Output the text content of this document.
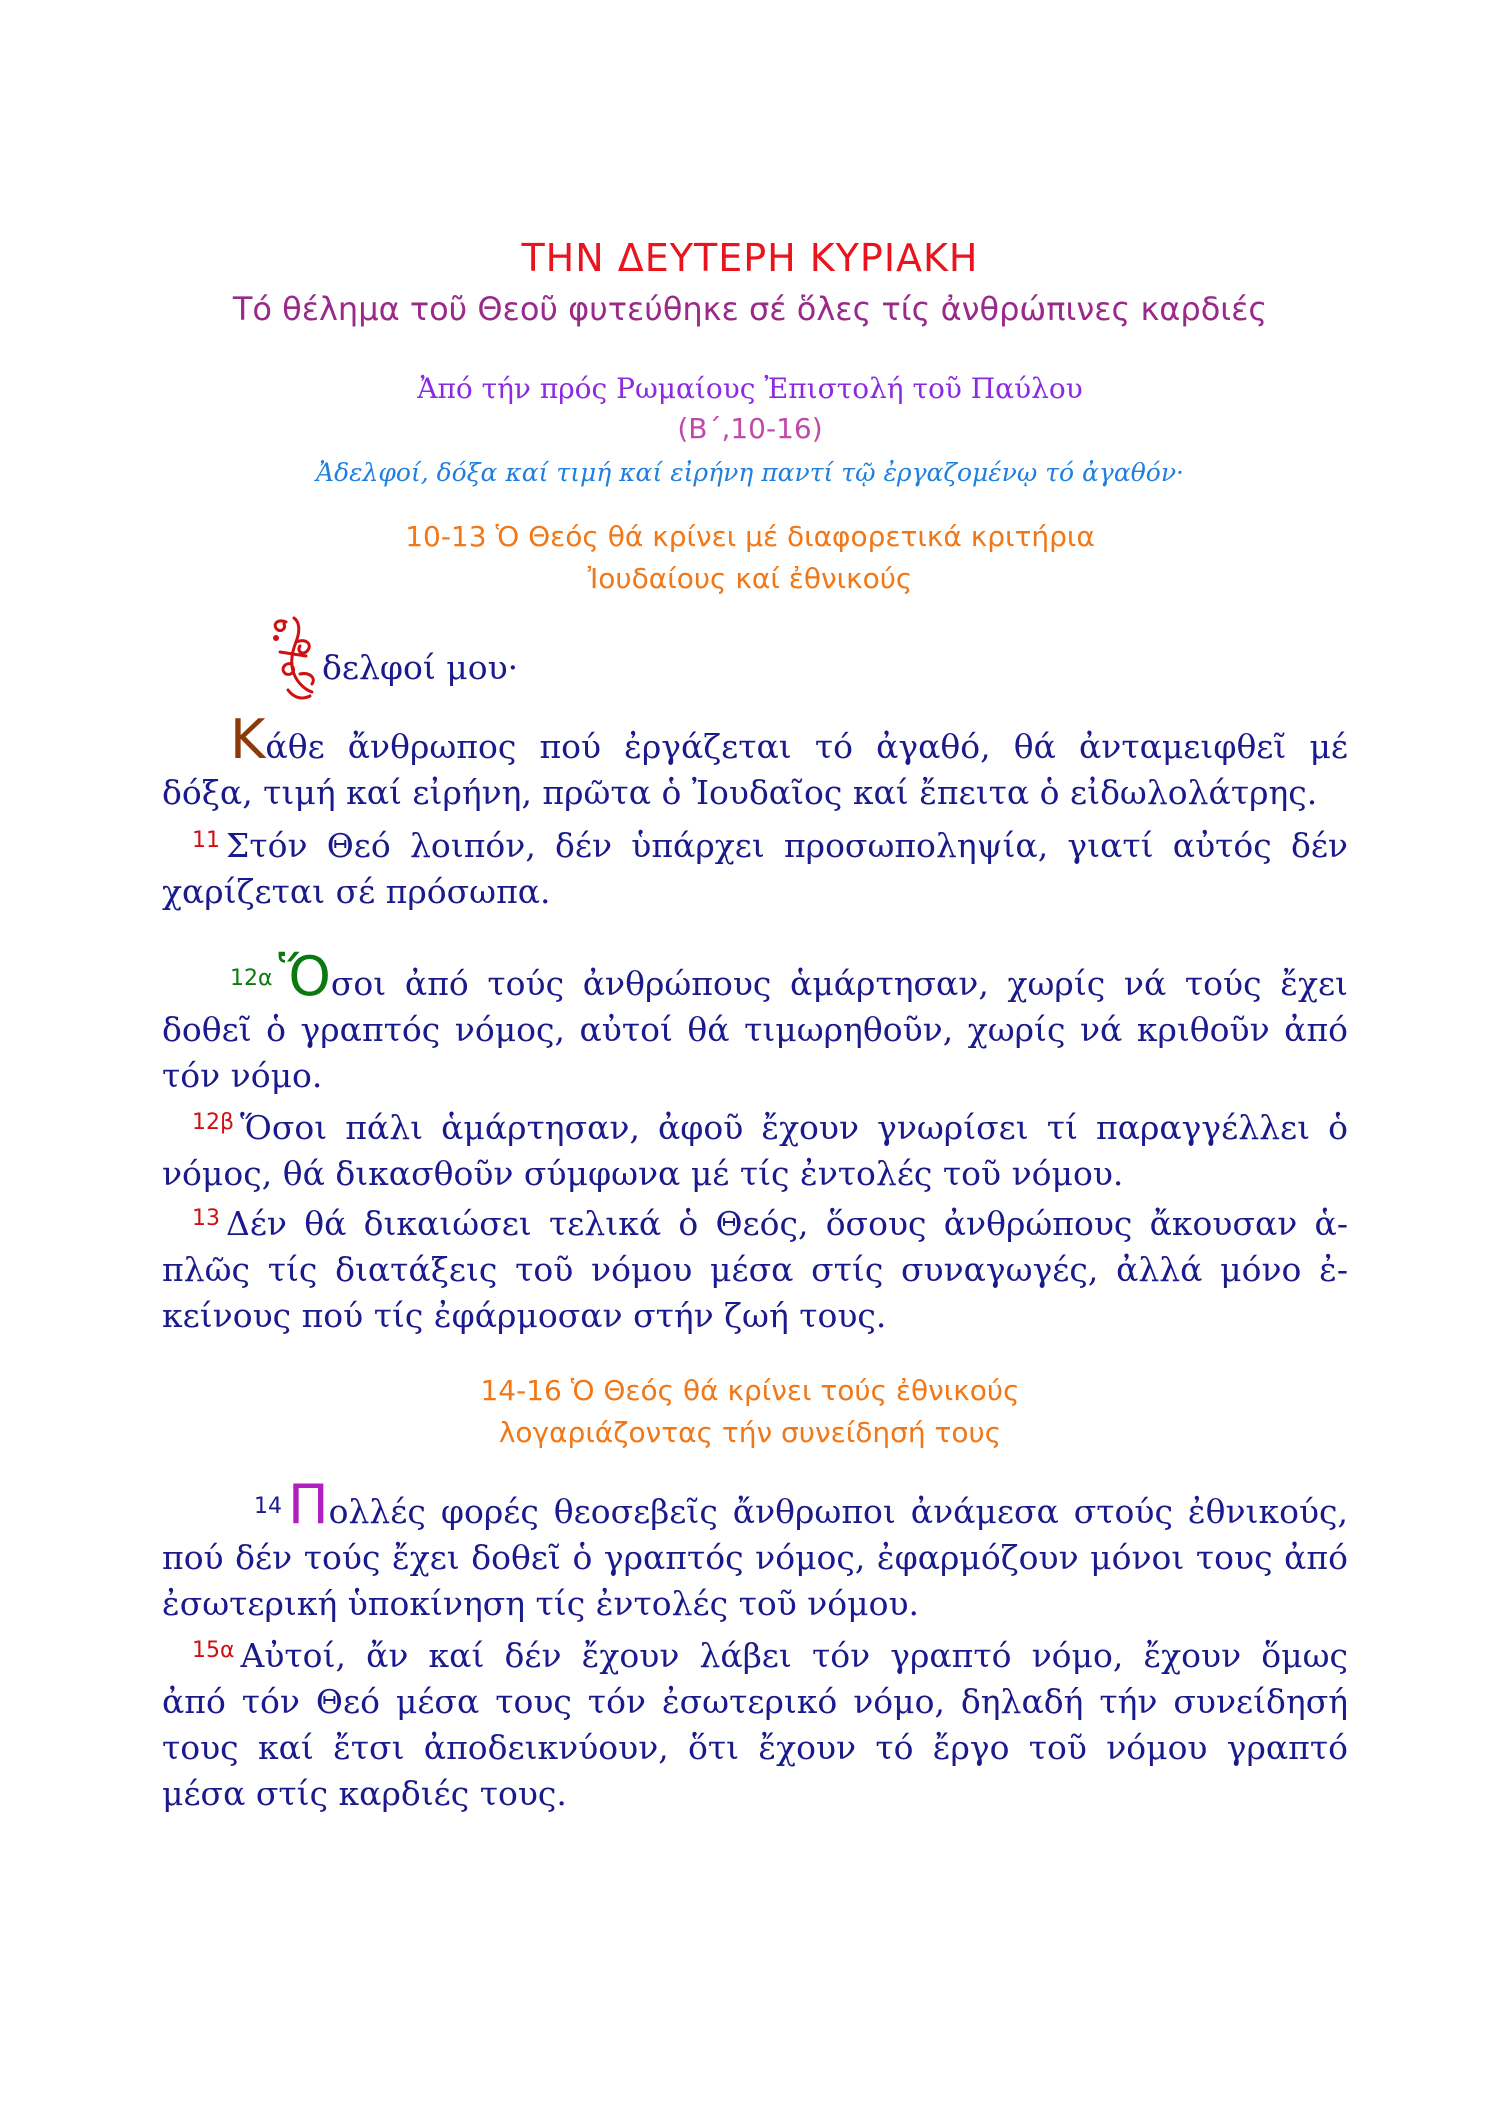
ΤΗΝ ΔΕΥΤΕΡΗ ΚΥΡΙΑΚΗ
Τό θέλημα τοῦ Θεοῦ φυτεύθηκε σέ ὅλες τίς ἀνθρώπινες καρδιές
Ἀπό τήν πρός Ρωμαίους Ἐπιστολή τοῦ Παύλου
(Β΄,10-16)
Ἀδελφοί, δόξα καί τιμή καί εἰρήνη παντί τῷ ἐργαζομένῳ τό ἀγαθόν·
10-13 Ὁ Θεός θά κρίνει μέ διαφορετικά κριτήρια
Ἰουδαίους καί ἐθνικούς
δελφοί μου·
Κάθε ἄνθρωπος πού ἐργάζεται τό ἀγαθό, θά ἀνταμειφθεῖ μέ
δόξα, τιμή καί εἰρήνη, πρῶτα ὁ Ἰουδαῖος καί ἔπειτα ὁ εἰδωλολάτρης.
$^{11}$ Στόν Θεό λοιπόν, δέν ὑπάρχει προσωποληψία, γιατί αὐτός δέν
χαρίζεται σέ πρόσωπα.
$^{12\alpha}$ Ὅσοι ἀπό τούς ἀνθρώπους ἁμάρτησαν, χωρίς νά τούς ἔχει
δοθεῖ ὁ γραπτός νόμος, αὐτοί θά τιμωρηθοῦν, χωρίς νά κριθοῦν ἀπό
τόν νόμο.
$^{12\beta}$ Ὅσοι πάλι ἁμάρτησαν, ἀφοῦ ἔχουν γνωρίσει τί παραγγέλλει ὁ
νόμος, θά δικασθοῦν σύμφωνα μέ τίς ἐντολές τοῦ νόμου.
$^{13}$ Δέν θά δικαιώσει τελικά ὁ Θεός, ὅσους ἀνθρώπους ἄκουσαν ἁ-
πλῶς τίς διατάξεις τοῦ νόμου μέσα στίς συναγωγές, ἀλλά μόνο ἐ-
κείνους πού τίς ἐφάρμοσαν στήν ζωή τους.
14-16 Ὁ Θεός θά κρίνει τούς ἐθνικούς
λογαριάζοντας τήν συνείδησή τους
$^{14}$ Πολλές φορές θεοσεβεῖς ἄνθρωποι ἀνάμεσα στούς ἐθνικούς,
πού δέν τούς ἔχει δοθεῖ ὁ γραπτός νόμος, ἐφαρμόζουν μόνοι τους ἀπό
ἐσωτερική ὑποκίνηση τίς ἐντολές τοῦ νόμου.
$^{15\alpha}$ Αὐτοί, ἄν καί δέν ἔχουν λάβει τόν γραπτό νόμο, ἔχουν ὅμως
ἀπό τόν Θεό μέσα τους τόν ἐσωτερικό νόμο, δηλαδή τήν συνείδησή
τους καί ἔτσι ἀποδεικνύουν, ὅτι ἔχουν τό ἔργο τοῦ νόμου γραπτό
μέσα στίς καρδιές τους.
